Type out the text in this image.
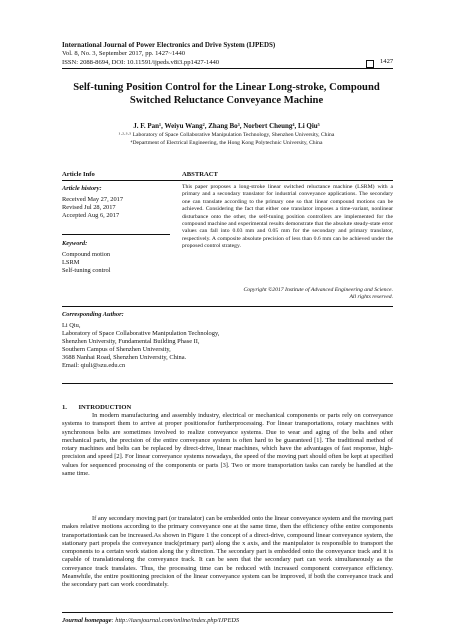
International Journal of Power Electronics and Drive System (IJPEDS)
Vol. 8, No. 3, September 2017, pp. 1427~1440
ISSN: 2088-8694, DOI: 10.11591/ijpeds.v8i3.pp1427-1440	1427
Self-tuning Position Control for the Linear Long-stroke, Compound Switched Reluctance Conveyance Machine
J. F. Pan¹, Weiyu Wang², Zhang Bo³, Norbert Cheung⁴, Li Qiu⁵
¹·²·³·⁵ Laboratory of Space Collaborative Manipulation Technology, Shenzhen University, China
⁴Department of Electrical Engineering, the Hong Kong Polytechnic University, China
Article Info	ABSTRACT
Article history:
Received May 27, 2017
Revised Jul 28, 2017
Accepted Aug 6, 2017
Keyword:
Compound motion
LSRM
Self-tuning control
This paper proposes a long-stroke linear switched reluctance machine (LSRM) with a primary and a secondary translator for industrial conveyance applications. The secondary one can translate according to the primary one so that linear compound motions can be achieved. Considering the fact that either one translator imposes a time-variant, nonlinear disturbance onto the other, the self-tuning position controllers are implemented for the compound machine and experimental results demonstrate that the absolute steady-state error values can fall into 0.03 mm and 0.05 mm for the secondary and primary translator, respectively. A composite absolute precision of less than 0.6 mm can be achieved under the proposed control strategy.
Copyright ©2017 Institute of Advanced Engineering and Science.
All rights reserved.
Corresponding Author:
Li Qiu,
Laboratory of Space Collaborative Manipulation Technology,
Shenzhen University, Fundamental Building Phase II,
Southern Campus of Shenzhen University,
3688 Nanhai Road, Shenzhen University, China.
Email: qiuli@szu.edu.cn
1.       INTRODUCTION
In modern manufacturing and assembly industry, electrical or mechanical components or parts rely on conveyance systems to transport them to arrive at proper positionsfor furtherprocessing. For linear transportations, rotary machines with synchronous belts are sometimes involved to realize conveyance systems. Due to wear and aging of the belts and other mechanical parts, the precision of the entire conveyance system is often hard to be guaranteed [1]. The traditional method of rotary machines and belts can be replaced by direct-drive, linear machines, which have the advantages of fast response, high-precision and speed [2]. For linear conveyance systems nowadays, the speed of the moving part should often be kept at specified values for sequenced processing of the components or parts [3]. Two or more transportation tasks can rarely be handled at the same time.
If any secondary moving part (or translator) can be embedded onto the linear conveyance system and the moving part makes relative motions according to the primary conveyance one at the same time, then the efficiency ofthe entire components transportationtask can be increased.As shown in Figure 1 the concept of a direct-drive, compound linear conveyance system, the stationary part propels the conveyance track(primary part) along the x axis, and the manipulator is responsible to transport the components to a certain work station along the y direction. The secondary part is embedded onto the conveyance track and it is capable of translationalong the conveyance track. It can be seen that the secondary part can work simultaneously as the conveyance track translates. Thus, the processing time can be reduced with increased component conveyance efficiency. Meanwhile, the entire positioning precision of the linear conveyance system can be improved, if both the conveyance track and the secondary part can work coordinately.
Journal homepage: http://iaesjournal.com/online/index.php/IJPEDS
